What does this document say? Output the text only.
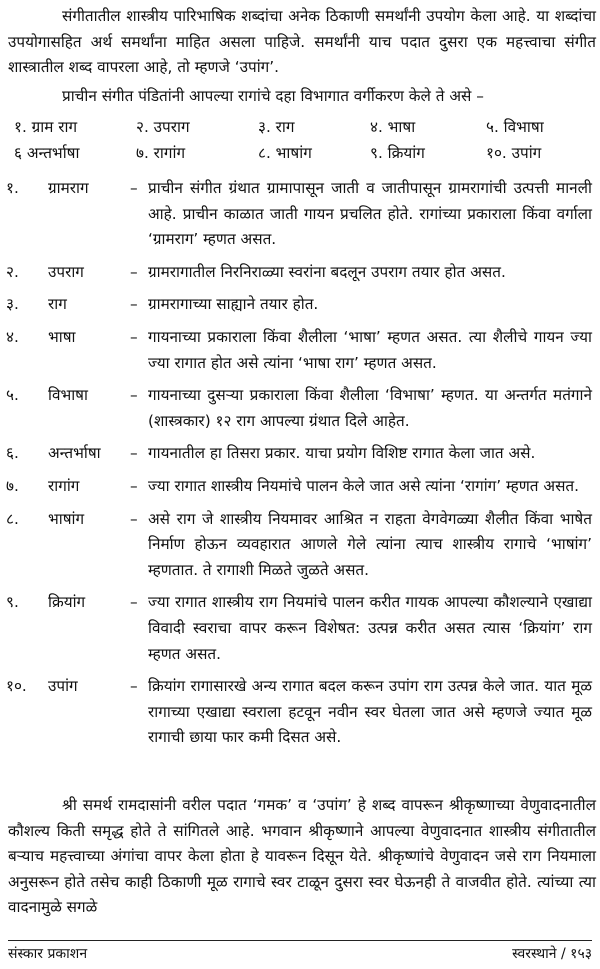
संगीतातील शास्त्रीय पारिभाषिक शब्दांचा अनेक ठिकाणी समर्थांनी उपयोग केला आहे. या शब्दांचा उपयोगासहित अर्थ समर्थांना माहित असला पाहिजे. समर्थांनी याच पदात दुसरा एक महत्त्वाचा संगीत शास्त्रातील शब्द वापरला आहे, तो म्हणजे ‘उपांग’.

प्राचीन संगीत पंडितांनी आपल्या रागांचे दहा विभागात वर्गीकरण केले ते असे –

१. ग्राम राग	२. उपराग	३. राग	४. भाषा	५. विभाषा
६ अन्तर्भाषा	७. रागांग	८. भाषांग	९. क्रियांग	१०. उपांग
१.	ग्रामराग	– प्राचीन संगीत ग्रंथात ग्रामापासून जाती व जातीपासून ग्रामरागांची उत्पत्ती मानली आहे. प्राचीन काळात जाती गायन प्रचलित होते. रागांच्या प्रकाराला किंवा वर्गाला ‘ग्रामराग’ म्हणत असत.
२.	उपराग	– ग्रामरागातील निरनिराळ्या स्वरांना बदलून उपराग तयार होत असत.
३.	राग	– ग्रामरागाच्या साह्याने तयार होत.
४.	भाषा	– गायनाच्या प्रकाराला किंवा शैलीला ‘भाषा’ म्हणत असत. त्या शैलीचे गायन ज्या ज्या रागात होत असे त्यांना ‘भाषा राग’ म्हणत असत.
५.	विभाषा	– गायनाच्या दुसऱ्या प्रकाराला किंवा शैलीला ‘विभाषा’ म्हणत. या अन्तर्गत मतंगाने (शास्त्रकार) १२ राग आपल्या ग्रंथात दिले आहेत.
६.	अन्तर्भाषा	– गायनातील हा तिसरा प्रकार. याचा प्रयोग विशिष्ट रागात केला जात असे.
७.	रागांग	– ज्या रागात शास्त्रीय नियमांचे पालन केले जात असे त्यांना ‘रागांग’ म्हणत असत.
८.	भाषांग	– असे राग जे शास्त्रीय नियमावर आश्रित न राहता वेगवेगळ्या शैलीत किंवा भाषेत निर्माण होऊन व्यवहारात आणले गेले त्यांना त्याच शास्त्रीय रागाचे ‘भाषांग’ म्हणतात. ते रागाशी मिळते जुळते असत.
९.	क्रियांग	– ज्या रागात शास्त्रीय राग नियमांचे पालन करीत गायक आपल्या कौशल्याने एखाद्या विवादी स्वराचा वापर करून विशेषत: उत्पन्न करीत असत त्यास ‘क्रियांग’ राग म्हणत असत.
१०.	उपांग	– क्रियांग रागासारखे अन्य रागात बदल करून उपांग राग उत्पन्न केले जात. यात मूळ रागाच्या एखाद्या स्वराला हटवून नवीन स्वर घेतला जात असे म्हणजे ज्यात मूळ रागाची छाया फार कमी दिसत असे.

श्री समर्थ रामदासांनी वरील पदात ‘गमक’ व ‘उपांग’ हे शब्द वापरून श्रीकृष्णाच्या वेणुवादनातील कौशल्य किती समृद्ध होते ते सांगितले आहे. भगवान श्रीकृष्णाने आपल्या वेणुवादनात शास्त्रीय संगीतातील बऱ्याच महत्त्वाच्या अंगांचा वापर केला होता हे यावरून दिसून येते. श्रीकृष्णांचे वेणुवादन जसे राग नियमाला अनुसरून होते तसेच काही ठिकाणी मूळ रागाचे स्वर टाळून दुसरा स्वर घेऊनही ते वाजवीत होते. त्यांच्या त्या वादनामुळे सगळे

संस्कार प्रकाशन	स्वरस्थाने / १५३
